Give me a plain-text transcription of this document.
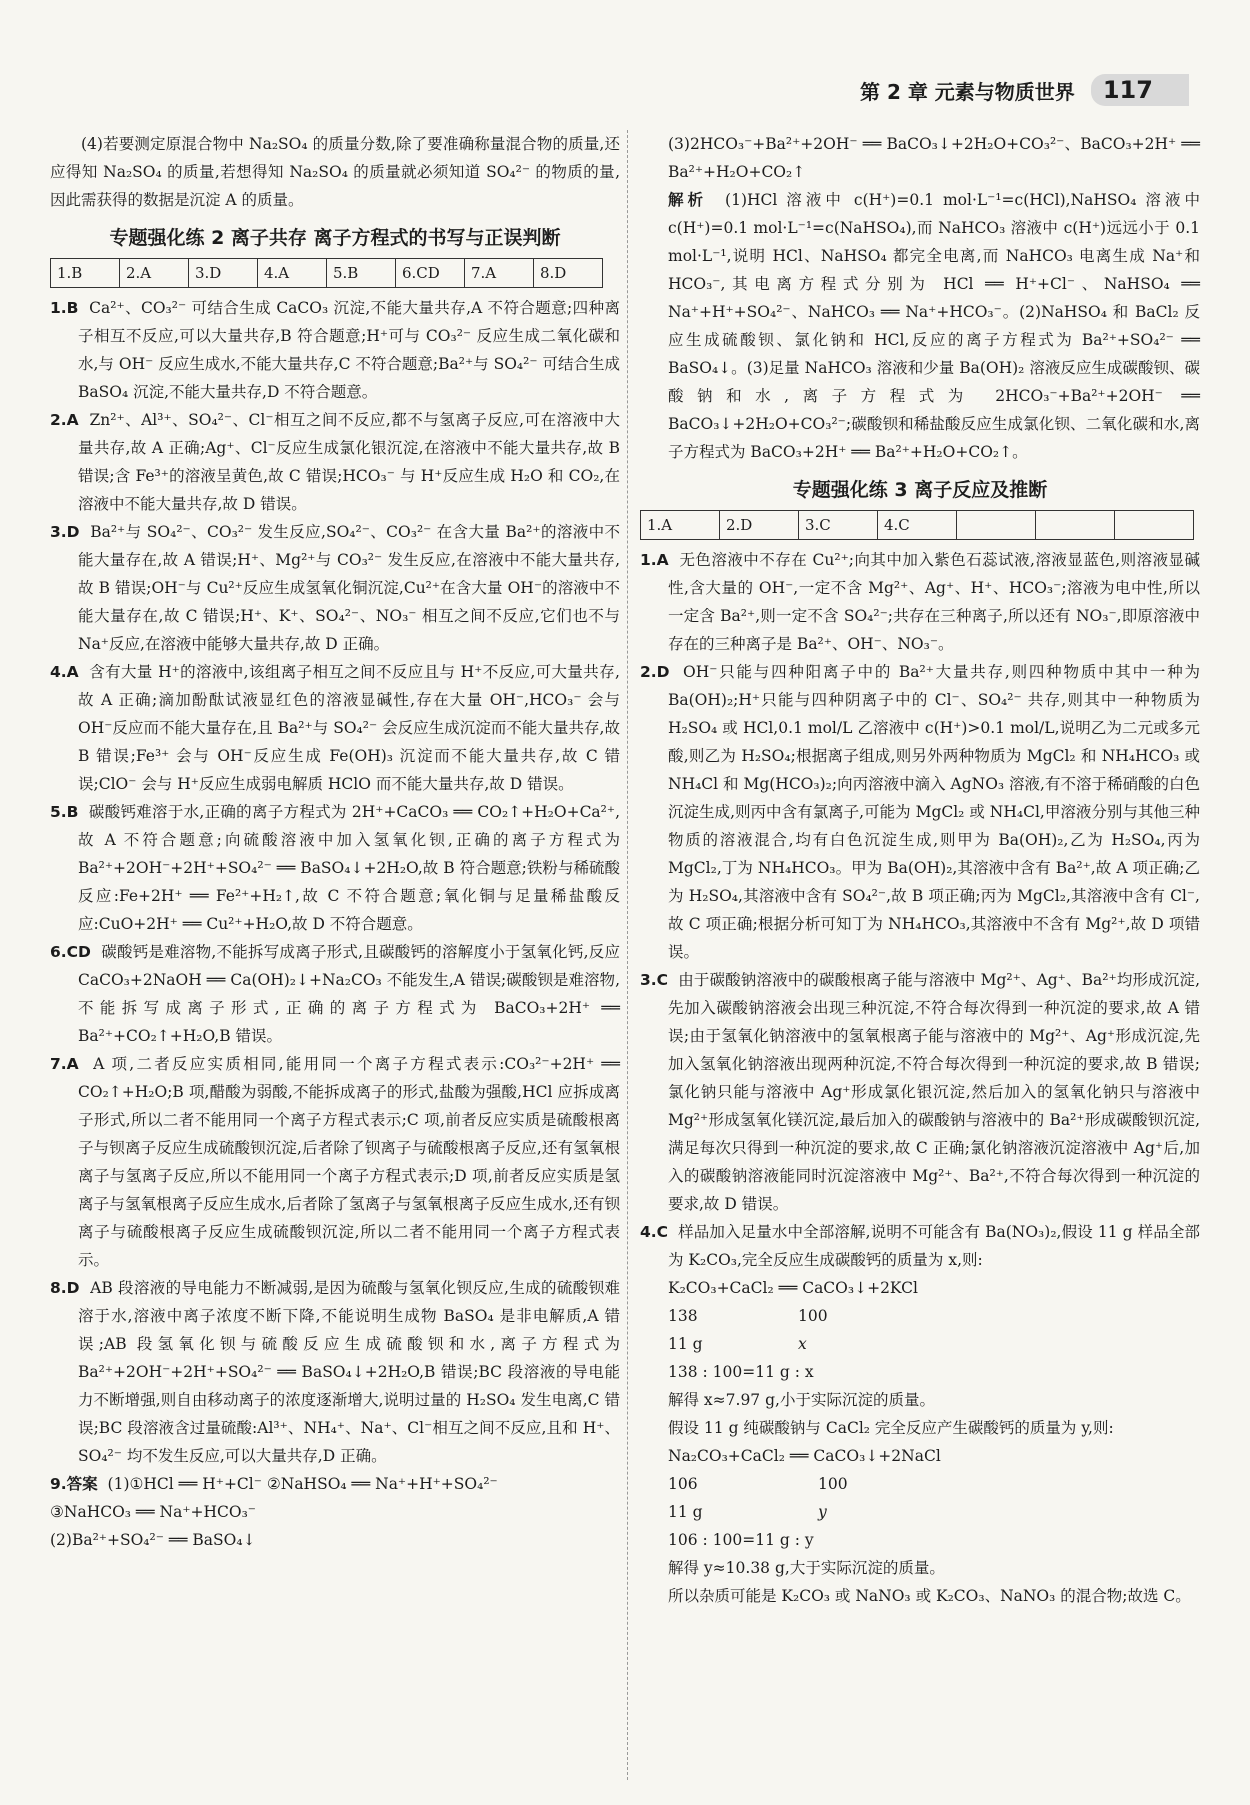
第 2 章 元素与物质世界	117

(4)若要测定原混合物中 Na₂SO₄ 的质量分数,除了要准确称量混合物的质量,还应得知 Na₂SO₄ 的质量,若想得知 Na₂SO₄ 的质量就必须知道 SO₄²⁻ 的物质的量,因此需获得的数据是沉淀 A 的质量。

专题强化练 2 离子共存 离子方程式的书写与正误判断
1.B	2.A	3.D	4.A	5.B	6.CD	7.A	8.D

1.B Ca²⁺、CO₃²⁻ 可结合生成 CaCO₃ 沉淀,不能大量共存,A 不符合题意;四种离子相互不反应,可以大量共存,B 符合题意;H⁺可与 CO₃²⁻ 反应生成二氧化碳和水,与 OH⁻ 反应生成水,不能大量共存,C 不符合题意;Ba²⁺与 SO₄²⁻ 可结合生成 BaSO₄ 沉淀,不能大量共存,D 不符合题意。

2.A Zn²⁺、Al³⁺、SO₄²⁻、Cl⁻相互之间不反应,都不与氢离子反应,可在溶液中大量共存,故 A 正确;Ag⁺、Cl⁻反应生成氯化银沉淀,在溶液中不能大量共存,故 B 错误;含 Fe³⁺的溶液呈黄色,故 C 错误;HCO₃⁻ 与 H⁺反应生成 H₂O 和 CO₂,在溶液中不能大量共存,故 D 错误。

3.D Ba²⁺与 SO₄²⁻、CO₃²⁻ 发生反应,SO₄²⁻、CO₃²⁻ 在含大量 Ba²⁺的溶液中不能大量存在,故 A 错误;H⁺、Mg²⁺与 CO₃²⁻ 发生反应,在溶液中不能大量共存,故 B 错误;OH⁻与 Cu²⁺反应生成氢氧化铜沉淀,Cu²⁺在含大量 OH⁻的溶液中不能大量存在,故 C 错误;H⁺、K⁺、SO₄²⁻、NO₃⁻ 相互之间不反应,它们也不与 Na⁺反应,在溶液中能够大量共存,故 D 正确。

4.A 含有大量 H⁺的溶液中,该组离子相互之间不反应且与 H⁺不反应,可大量共存,故 A 正确;滴加酚酞试液显红色的溶液显碱性,存在大量 OH⁻,HCO₃⁻ 会与 OH⁻反应而不能大量存在,且 Ba²⁺与 SO₄²⁻ 会反应生成沉淀而不能大量共存,故 B 错误;Fe³⁺ 会与 OH⁻反应生成 Fe(OH)₃ 沉淀而不能大量共存,故 C 错误;ClO⁻ 会与 H⁺反应生成弱电解质 HClO 而不能大量共存,故 D 错误。

5.B 碳酸钙难溶于水,正确的离子方程式为 2H⁺+CaCO₃ ══ CO₂↑+H₂O+Ca²⁺,故 A 不符合题意;向硫酸溶液中加入氢氧化钡,正确的离子方程式为 Ba²⁺+2OH⁻+2H⁺+SO₄²⁻ ══ BaSO₄↓+2H₂O,故 B 符合题意;铁粉与稀硫酸反应:Fe+2H⁺ ══ Fe²⁺+H₂↑,故 C 不符合题意;氧化铜与足量稀盐酸反应:CuO+2H⁺ ══ Cu²⁺+H₂O,故 D 不符合题意。

6.CD 碳酸钙是难溶物,不能拆写成离子形式,且碳酸钙的溶解度小于氢氧化钙,反应 CaCO₃+2NaOH ══ Ca(OH)₂↓+Na₂CO₃ 不能发生,A 错误;碳酸钡是难溶物,不能拆写成离子形式,正确的离子方程式为 BaCO₃+2H⁺ ══ Ba²⁺+CO₂↑+H₂O,B 错误。

7.A A 项,二者反应实质相同,能用同一个离子方程式表示:CO₃²⁻+2H⁺ ══ CO₂↑+H₂O;B 项,醋酸为弱酸,不能拆成离子的形式,盐酸为强酸,HCl 应拆成离子形式,所以二者不能用同一个离子方程式表示;C 项,前者反应实质是硫酸根离子与钡离子反应生成硫酸钡沉淀,后者除了钡离子与硫酸根离子反应,还有氢氧根离子与氢离子反应,所以不能用同一个离子方程式表示;D 项,前者反应实质是氢离子与氢氧根离子反应生成水,后者除了氢离子与氢氧根离子反应生成水,还有钡离子与硫酸根离子反应生成硫酸钡沉淀,所以二者不能用同一个离子方程式表示。

8.D AB 段溶液的导电能力不断减弱,是因为硫酸与氢氧化钡反应,生成的硫酸钡难溶于水,溶液中离子浓度不断下降,不能说明生成物 BaSO₄ 是非电解质,A 错误;AB 段氢氧化钡与硫酸反应生成硫酸钡和水,离子方程式为 Ba²⁺+2OH⁻+2H⁺+SO₄²⁻ ══ BaSO₄↓+2H₂O,B 错误;BC 段溶液的导电能力不断增强,则自由移动离子的浓度逐渐增大,说明过量的 H₂SO₄ 发生电离,C 错误;BC 段溶液含过量硫酸:Al³⁺、NH₄⁺、Na⁺、Cl⁻相互之间不反应,且和 H⁺、SO₄²⁻ 均不发生反应,可以大量共存,D 正确。

9.答案 (1)①HCl ══ H⁺+Cl⁻ ②NaHSO₄ ══ Na⁺+H⁺+SO₄²⁻

③NaHCO₃ ══ Na⁺+HCO₃⁻

(2)Ba²⁺+SO₄²⁻ ══ BaSO₄↓

(3)2HCO₃⁻+Ba²⁺+2OH⁻ ══ BaCO₃↓+2H₂O+CO₃²⁻、BaCO₃+2H⁺ ══ Ba²⁺+H₂O+CO₂↑

解析 (1)HCl 溶液中 c(H⁺)=0.1 mol·L⁻¹=c(HCl),NaHSO₄ 溶液中 c(H⁺)=0.1 mol·L⁻¹=c(NaHSO₄),而 NaHCO₃ 溶液中 c(H⁺)远远小于 0.1 mol·L⁻¹,说明 HCl、NaHSO₄ 都完全电离,而 NaHCO₃ 电离生成 Na⁺和 HCO₃⁻,其电离方程式分别为 HCl ══ H⁺+Cl⁻、NaHSO₄ ══ Na⁺+H⁺+SO₄²⁻、NaHCO₃ ══ Na⁺+HCO₃⁻。(2)NaHSO₄ 和 BaCl₂ 反应生成硫酸钡、氯化钠和 HCl,反应的离子方程式为 Ba²⁺+SO₄²⁻ ══ BaSO₄↓。(3)足量 NaHCO₃ 溶液和少量 Ba(OH)₂ 溶液反应生成碳酸钡、碳酸钠和水,离子方程式为 2HCO₃⁻+Ba²⁺+2OH⁻ ══ BaCO₃↓+2H₂O+CO₃²⁻;碳酸钡和稀盐酸反应生成氯化钡、二氧化碳和水,离子方程式为 BaCO₃+2H⁺ ══ Ba²⁺+H₂O+CO₂↑。

专题强化练 3 离子反应及推断
1.A	2.D	3.C	4.C			

1.A 无色溶液中不存在 Cu²⁺;向其中加入紫色石蕊试液,溶液显蓝色,则溶液显碱性,含大量的 OH⁻,一定不含 Mg²⁺、Ag⁺、H⁺、HCO₃⁻;溶液为电中性,所以一定含 Ba²⁺,则一定不含 SO₄²⁻;共存在三种离子,所以还有 NO₃⁻,即原溶液中存在的三种离子是 Ba²⁺、OH⁻、NO₃⁻。

2.D OH⁻只能与四种阳离子中的 Ba²⁺大量共存,则四种物质中其中一种为 Ba(OH)₂;H⁺只能与四种阴离子中的 Cl⁻、SO₄²⁻ 共存,则其中一种物质为 H₂SO₄ 或 HCl,0.1 mol/L 乙溶液中 c(H⁺)>0.1 mol/L,说明乙为二元或多元酸,则乙为 H₂SO₄;根据离子组成,则另外两种物质为 MgCl₂ 和 NH₄HCO₃ 或 NH₄Cl 和 Mg(HCO₃)₂;向丙溶液中滴入 AgNO₃ 溶液,有不溶于稀硝酸的白色沉淀生成,则丙中含有氯离子,可能为 MgCl₂ 或 NH₄Cl,甲溶液分别与其他三种物质的溶液混合,均有白色沉淀生成,则甲为 Ba(OH)₂,乙为 H₂SO₄,丙为 MgCl₂,丁为 NH₄HCO₃。甲为 Ba(OH)₂,其溶液中含有 Ba²⁺,故 A 项正确;乙为 H₂SO₄,其溶液中含有 SO₄²⁻,故 B 项正确;丙为 MgCl₂,其溶液中含有 Cl⁻,故 C 项正确;根据分析可知丁为 NH₄HCO₃,其溶液中不含有 Mg²⁺,故 D 项错误。

3.C 由于碳酸钠溶液中的碳酸根离子能与溶液中 Mg²⁺、Ag⁺、Ba²⁺均形成沉淀,先加入碳酸钠溶液会出现三种沉淀,不符合每次得到一种沉淀的要求,故 A 错误;由于氢氧化钠溶液中的氢氧根离子能与溶液中的 Mg²⁺、Ag⁺形成沉淀,先加入氢氧化钠溶液出现两种沉淀,不符合每次得到一种沉淀的要求,故 B 错误;氯化钠只能与溶液中 Ag⁺形成氯化银沉淀,然后加入的氢氧化钠只与溶液中 Mg²⁺形成氢氧化镁沉淀,最后加入的碳酸钠与溶液中的 Ba²⁺形成碳酸钡沉淀,满足每次只得到一种沉淀的要求,故 C 正确;氯化钠溶液沉淀溶液中 Ag⁺后,加入的碳酸钠溶液能同时沉淀溶液中 Mg²⁺、Ba²⁺,不符合每次得到一种沉淀的要求,故 D 错误。

4.C 样品加入足量水中全部溶解,说明不可能含有 Ba(NO₃)₂,假设 11 g 样品全部为 K₂CO₃,完全反应生成碳酸钙的质量为 x,则:

K₂CO₃+CaCl₂ ══ CaCO₃↓+2KCl

138	100

11 g	x

138 : 100=11 g : x

解得 x≈7.97 g,小于实际沉淀的质量。

假设 11 g 纯碳酸钠与 CaCl₂ 完全反应产生碳酸钙的质量为 y,则:

Na₂CO₃+CaCl₂ ══ CaCO₃↓+2NaCl

106	100

11 g	y

106 : 100=11 g : y

解得 y≈10.38 g,大于实际沉淀的质量。

所以杂质可能是 K₂CO₃ 或 NaNO₃ 或 K₂CO₃、NaNO₃ 的混合物;故选 C。
